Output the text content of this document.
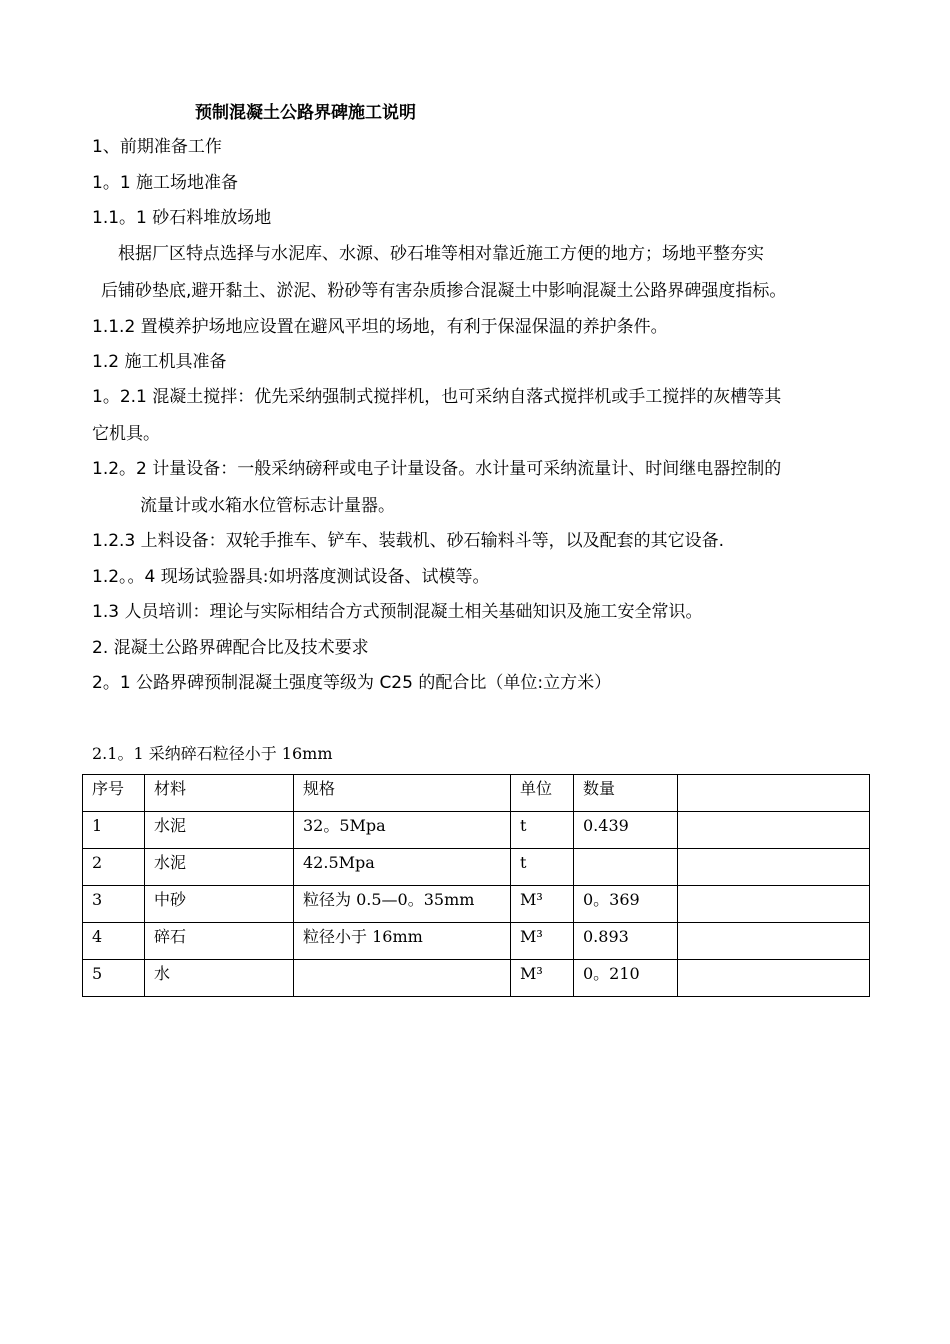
预制混凝土公路界碑施工说明
1、前期准备工作
1。1 施工场地准备
1.1。1 砂石料堆放场地
根据厂区特点选择与水泥库、水源、砂石堆等相对靠近施工方便的地方；场地平整夯实
后铺砂垫底,避开黏土、淤泥、粉砂等有害杂质掺合混凝土中影响混凝土公路界碑强度指标。
1.1.2 置模养护场地应设置在避风平坦的场地，有利于保湿保温的养护条件。
1.2 施工机具准备
1。2.1 混凝土搅拌：优先采纳强制式搅拌机，也可采纳自落式搅拌机或手工搅拌的灰槽等其
它机具。
1.2。2 计量设备：一般采纳磅秤或电子计量设备。水计量可采纳流量计、时间继电器控制的
流量计或水箱水位管标志计量器。
1.2.3 上料设备：双轮手推车、铲车、装载机、砂石输料斗等，以及配套的其它设备.
1.2。。4 现场试验器具:如坍落度测试设备、试模等。
1.3 人员培训：理论与实际相结合方式预制混凝土相关基础知识及施工安全常识。
2. 混凝土公路界碑配合比及技术要求
2。1 公路界碑预制混凝土强度等级为 C25 的配合比（单位:立方米）
2.1。1 采纳碎石粒径小于 16mm
序号	材料	规格	单位	数量	
1	水泥	32。5Mpa	t	0.439	
2	水泥	42.5Mpa	t		
3	中砂	粒径为 0.5—0。35mm	M³	0。369	
4	碎石	粒径小于 16mm	M³	0.893	
5	水		M³	0。210	
